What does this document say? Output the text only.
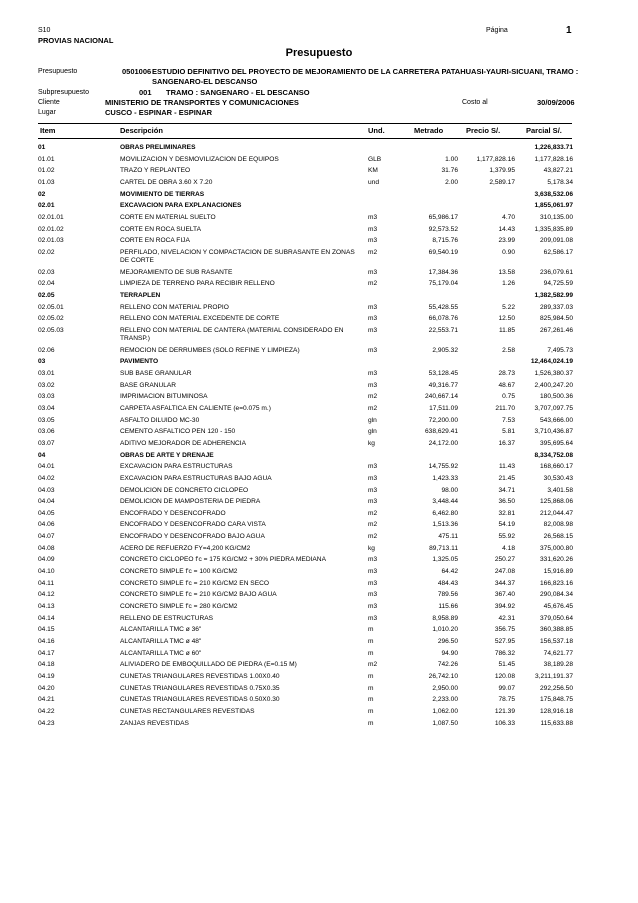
S10
PROVIAS NACIONAL
Página	1
Presupuesto
Presupuesto	0501006 ESTUDIO DEFINITIVO DEL PROYECTO DE MEJORAMIENTO DE LA CARRETERA PATAHUASI-YAURI-SICUANI, TRAMO :
SANGENARO-EL DESCANSO
Subpresupuesto	001 TRAMO : SANGENARO - EL DESCANSO
Cliente	MINISTERIO DE TRANSPORTES Y COMUNICACIONES	Costo al	30/09/2006
Lugar	CUSCO - ESPINAR - ESPINAR
Item	Descripción	Und.	Metrado	Precio S/.	Parcial S/.
01	OBRAS PRELIMINARES	1,226,833.71
01.01	MOVILIZACION Y DESMOVILIZACION DE EQUIPOS	GLB	1.00	1,177,828.16	1,177,828.16
01.02	TRAZO Y REPLANTEO	KM	31.76	1,379.95	43,827.21
01.03	CARTEL DE OBRA 3.60 X 7.20	und	2.00	2,589.17	5,178.34
02	MOVIMIENTO DE TIERRAS	3,638,532.06
02.01	EXCAVACION PARA EXPLANACIONES	1,855,061.97
02.01.01	CORTE EN MATERIAL SUELTO	m3	65,986.17	4.70	310,135.00
02.01.02	CORTE EN ROCA SUELTA	m3	92,573.52	14.43	1,335,835.89
02.01.03	CORTE EN ROCA FIJA	m3	8,715.76	23.99	209,091.08
02.02	PERFILADO, NIVELACION Y COMPACTACION DE SUBRASANTE EN ZONAS DE CORTE
m2	69,540.19	0.90	62,586.17
02.03	MEJORAMIENTO DE SUB RASANTE	m3	17,384.36	13.58	236,079.61
02.04	LIMPIEZA DE TERRENO PARA RECIBIR RELLENO	m2	75,179.04	1.26	94,725.59
02.05	TERRAPLEN	1,382,582.99
02.05.01	RELLENO CON MATERIAL PROPIO	m3	55,428.55	5.22	289,337.03
02.05.02	RELLENO CON MATERIAL EXCEDENTE DE CORTE	m3	66,078.76	12.50	825,984.50
02.05.03	RELLENO CON MATERIAL DE CANTERA (MATERIAL CONSIDERADO EN TRANSP.)
m3	22,553.71	11.85	267,261.46
02.06	REMOCION DE DERRUMBES (SOLO REFINE Y LIMPIEZA)	m3	2,905.32	2.58	7,495.73
03	PAVIMENTO	12,464,024.19
03.01	SUB BASE GRANULAR	m3	53,128.45	28.73	1,526,380.37
03.02	BASE GRANULAR	m3	49,316.77	48.67	2,400,247.20
03.03	IMPRIMACION BITUMINOSA	m2	240,667.14	0.75	180,500.36
03.04	CARPETA ASFALTICA EN CALIENTE (e=0.075 m.)	m2	17,511.09	211.70	3,707,097.75
03.05	ASFALTO DILUIDO MC-30	gln	72,200.00	7.53	543,666.00
03.06	CEMENTO ASFALTICO PEN 120 - 150	gln	638,629.41	5.81	3,710,436.87
03.07	ADITIVO MEJORADOR DE ADHERENCIA	kg	24,172.00	16.37	395,695.64
04	OBRAS DE ARTE Y DRENAJE	8,334,752.08
04.01	EXCAVACION PARA ESTRUCTURAS	m3	14,755.92	11.43	168,660.17
04.02	EXCAVACION PARA ESTRUCTURAS BAJO AGUA	m3	1,423.33	21.45	30,530.43
04.03	DEMOLICION DE CONCRETO CICLOPEO	m3	98.00	34.71	3,401.58
04.04	DEMOLICION DE MAMPOSTERIA DE PIEDRA	m3	3,448.44	36.50	125,868.06
04.05	ENCOFRADO Y DESENCOFRADO	m2	6,462.80	32.81	212,044.47
04.06	ENCOFRADO Y DESENCOFRADO CARA VISTA	m2	1,513.36	54.19	82,008.98
04.07	ENCOFRADO Y DESENCOFRADO BAJO AGUA	m2	475.11	55.92	26,568.15
04.08	ACERO DE REFUERZO FY=4,200 KG/CM2	kg	89,713.11	4.18	375,000.80
04.09	CONCRETO CICLOPEO f'c = 175 KG/CM2 + 30% PIEDRA MEDIANA	m3	1,325.05	250.27	331,620.26
04.10	CONCRETO SIMPLE f'c = 100 KG/CM2	m3	64.42	247.08	15,916.89
04.11	CONCRETO SIMPLE f'c = 210 KG/CM2 EN SECO	m3	484.43	344.37	166,823.16
04.12	CONCRETO SIMPLE f'c = 210 KG/CM2 BAJO AGUA	m3	789.56	367.40	290,084.34
04.13	CONCRETO SIMPLE f'c = 280 KG/CM2	m3	115.66	394.92	45,676.45
04.14	RELLENO DE ESTRUCTURAS	m3	8,958.89	42.31	379,050.64
04.15	ALCANTARILLA TMC ø 36"	m	1,010.20	356.75	360,388.85
04.16	ALCANTARILLA TMC ø 48"	m	296.50	527.95	156,537.18
04.17	ALCANTARILLA TMC ø 60"	m	94.90	786.32	74,621.77
04.18	ALIVIADERO DE EMBOQUILLADO DE PIEDRA (E=0.15 M)	m2	742.26	51.45	38,189.28
04.19	CUNETAS TRIANGULARES REVESTIDAS 1.00X0.40	m	26,742.10	120.08	3,211,191.37
04.20	CUNETAS TRIANGULARES REVESTIDAS 0.75X0.35	m	2,950.00	99.07	292,256.50
04.21	CUNETAS TRIANGULARES REVESTIDAS 0.50X0.30	m	2,233.00	78.75	175,848.75
04.22	CUNETAS RECTANGULARES REVESTIDAS	m	1,062.00	121.39	128,916.18
04.23	ZANJAS REVESTIDAS	m	1,087.50	106.33	115,633.88
